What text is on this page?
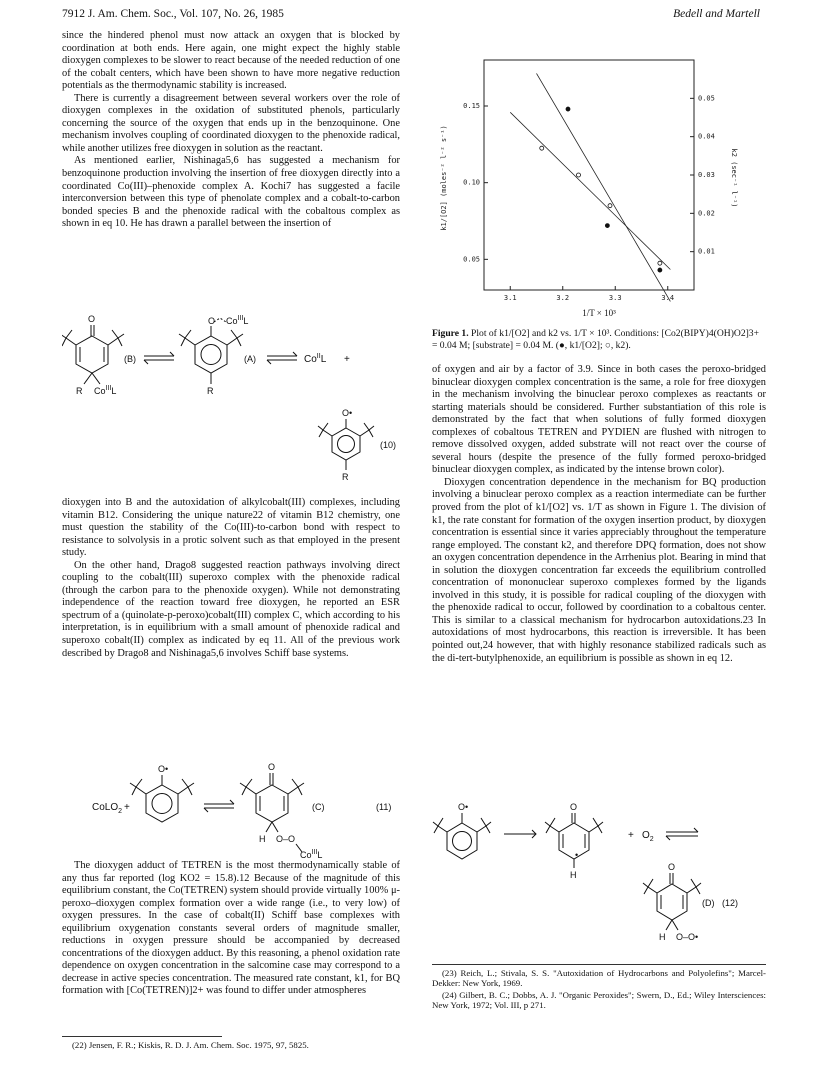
7912 J. Am. Chem. Soc., Vol. 107, No. 26, 1985	Bedell and Martell

since the hindered phenol must now attack an oxygen that is blocked by coordination at both ends. Here again, one might expect the highly stable dioxygen complexes to be slower to react because of the needed reduction of one of the cobalt centers, which have been shown to have more negative reduction potentials as the thermodynamic stability is increased.

There is currently a disagreement between several workers over the role of dioxygen complexes in the oxidation of substituted phenols, particularly concerning the source of the oxygen that ends up in the benzoquinone. One mechanism involves coupling of coordinated dioxygen to the phenoxide radical, while another utilizes free dioxygen in solution as the reactant.

As mentioned earlier, Nishinaga5,6 has suggested a mechanism for benzoquinone production involving the insertion of free dioxygen directly into a coordinated Co(III)–phenoxide complex A. Kochi7 has suggested a facile interconversion between this type of phenolate complex and a cobalt-to-carbon bonded species B and the phenoxide radical with the cobaltous complex as shown in eq 10. He has drawn a parallel between the insertion of

O
R $Co^{III}L$
(B)
O $Co^{III}L$
R
(A)	$Co^{II}L$ +
O•
R
(10)

dioxygen into B and the autoxidation of alkylcobalt(III) complexes, including vitamin B12. Considering the unique nature22 of vitamin B12 chemistry, one must question the stability of the Co(III)-to-carbon bond with respect to resistance to solvolysis in a protic solvent such as that employed in the present study.

On the other hand, Drago8 suggested reaction pathways involving direct coupling to the cobalt(III) superoxo complex with the phenoxide radical (through the carbon para to the phenoxide oxygen). While not demonstrating independence of the reaction toward free dioxygen, he reported an ESR spectrum of a (quinolate-p-peroxo)cobalt(III) complex C, which according to his interpretation, is in equilibrium with a small amount of phenoxide radical and superoxo cobalt(II) complex as indicated by eq 11. All of the previous work described by Drago8 and Nishinaga5,6 involves Schiff base systems.

CoLO$_2$ +
O•	O
H O–O
$Co^{III}L$
(C)	(11)

The dioxygen adduct of TETREN is the most thermodynamically stable of any thus far reported (log KO2 = 15.8).12 Because of the magnitude of this equilibrium constant, the Co(TETREN) system should provide virtually 100% μ-peroxo–dioxygen complex formation over a wide range (i.e., to very low) of oxygen pressures. In the case of cobalt(II) Schiff base complexes with equilibrium oxygenation constants several orders of magnitude smaller, reductions in oxygen pressure should be accompanied by decreased concentrations of the dioxygen adduct. By this reasoning, a phenol oxidation rate dependence on oxygen concentration in the salcomine case may correspond to a decrease in active species concentration. The measured rate constant, k1, for BQ formation with [Co(TETREN)]2+ was found to differ under atmospheres

(22) Jensen, F. R.; Kiskis, R. D. J. Am. Chem. Soc. 1975, 97, 5825.

3.1	3.2	3.3	3.4
0.15
0.10
0.05
0.05
0.04
0.03
0.02
0.01
k1/[O2] (moles⁻² l⁻² s⁻¹)	k2 (sec⁻¹ l⁻¹)
1/T × 10³
Figure 1. Plot of k1/[O2] and k2 vs. 1/T × 10³. Conditions: [Co2(BIPY)4(OH)O2]3+ = 0.04 M; [substrate] = 0.04 M. (●, k1/[O2]; ○, k2).

of oxygen and air by a factor of 3.9. Since in both cases the peroxo-bridged binuclear dioxygen complex concentration is the same, a role for free dioxygen in the mechanism involving the binuclear peroxo complexes as reactants or starting materials should be considered. Further substantiation of this role is demonstrated by the fact that when solutions of fully formed dioxygen complexes of cobaltous TETREN and PYDIEN are flushed with nitrogen to remove dissolved oxygen, added substrate will not react over the course of several hours (despite the presence of the fully formed peroxo-bridged binuclear dioxygen complex, as indicated by the intense brown color).

Dioxygen concentration dependence in the mechanism for BQ production involving a binuclear peroxo complex as a reaction intermediate can be further proved from the plot of k1/[O2] vs. 1/T as shown in Figure 1. The division of k1, the rate constant for formation of the oxygen insertion product, by dioxygen concentration is essential since it varies appreciably throughout the temperature range employed. The constant k2, and therefore DPQ formation, does not show an oxygen concentration dependence in the Arrhenius plot. Bearing in mind that in solution the dioxygen concentration far exceeds the equilibrium controlled concentration of mononuclear superoxo complexes formed by the ligands involved in this study, it is possible for radical coupling of the dioxygen with the phenoxide radical to occur, followed by coordination to a cobaltous center. This is similar to a classical mechanism for hydrocarbon autoxidations.23 In autoxidations of most hydrocarbons, this reaction is irreversible. It has been pointed out,24 however, that with highly resonance stabilized radicals such as the di-tert-butylphenoxide, an equilibrium is possible as shown in eq 12.

O•	O
•
H
+ $O_2$
O
H O–O•
(D) (12)

(23) Reich, L.; Stivala, S. S. "Autoxidation of Hydrocarbons and Polyolefins"; Marcel-Dekker: New York, 1969.

(24) Gilbert, B. C.; Dobbs, A. J. "Organic Peroxides"; Swern, D., Ed.; Wiley Intersciences: New York, 1972; Vol. III, p 271.
